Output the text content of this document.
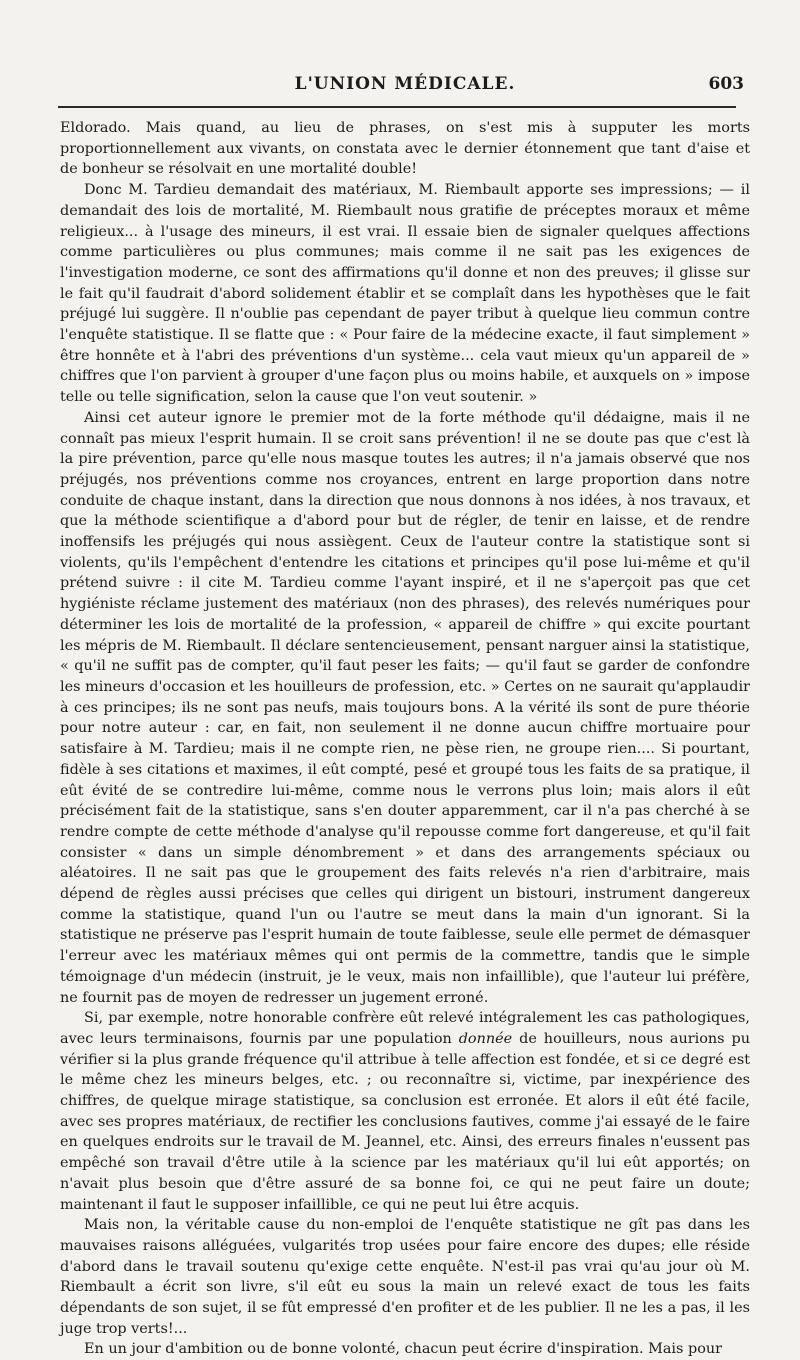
L'UNION MÉDICALE.	603

Eldorado. Mais quand, au lieu de phrases, on s'est mis à supputer les morts proportionnellement aux vivants, on constata avec le dernier étonnement que tant d'aise et de bonheur se résolvait en une mortalité double!

Donc M. Tardieu demandait des matériaux, M. Riembault apporte ses impressions; — il demandait des lois de mortalité, M. Riembault nous gratifie de préceptes moraux et même religieux... à l'usage des mineurs, il est vrai. Il essaie bien de signaler quelques affections comme particulières ou plus communes; mais comme il ne sait pas les exigences de l'investigation moderne, ce sont des affirmations qu'il donne et non des preuves; il glisse sur le fait qu'il faudrait d'abord solidement établir et se complaît dans les hypothèses que le fait préjugé lui suggère. Il n'oublie pas cependant de payer tribut à quelque lieu commun contre l'enquête statistique. Il se flatte que : « Pour faire de la médecine exacte, il faut simplement » être honnête et à l'abri des préventions d'un système... cela vaut mieux qu'un appareil de » chiffres que l'on parvient à grouper d'une façon plus ou moins habile, et auxquels on » impose telle ou telle signification, selon la cause que l'on veut soutenir. »

Ainsi cet auteur ignore le premier mot de la forte méthode qu'il dédaigne, mais il ne connaît pas mieux l'esprit humain. Il se croit sans prévention! il ne se doute pas que c'est là la pire prévention, parce qu'elle nous masque toutes les autres; il n'a jamais observé que nos préjugés, nos préventions comme nos croyances, entrent en large proportion dans notre conduite de chaque instant, dans la direction que nous donnons à nos idées, à nos travaux, et que la méthode scientifique a d'abord pour but de régler, de tenir en laisse, et de rendre inoffensifs les préjugés qui nous assiègent. Ceux de l'auteur contre la statistique sont si violents, qu'ils l'empêchent d'entendre les citations et principes qu'il pose lui-même et qu'il prétend suivre : il cite M. Tardieu comme l'ayant inspiré, et il ne s'aperçoit pas que cet hygiéniste réclame justement des matériaux (non des phrases), des relevés numériques pour déterminer les lois de mortalité de la profession, « appareil de chiffre » qui excite pourtant les mépris de M. Riembault. Il déclare sentencieusement, pensant narguer ainsi la statistique, « qu'il ne suffit pas de compter, qu'il faut peser les faits; — qu'il faut se garder de confondre les mineurs d'occasion et les houilleurs de profession, etc. » Certes on ne saurait qu'applaudir à ces principes; ils ne sont pas neufs, mais toujours bons. A la vérité ils sont de pure théorie pour notre auteur : car, en fait, non seulement il ne donne aucun chiffre mortuaire pour satisfaire à M. Tardieu; mais il ne compte rien, ne pèse rien, ne groupe rien.... Si pourtant, fidèle à ses citations et maximes, il eût compté, pesé et groupé tous les faits de sa pratique, il eût évité de se contredire lui-même, comme nous le verrons plus loin; mais alors il eût précisément fait de la statistique, sans s'en douter apparemment, car il n'a pas cherché à se rendre compte de cette méthode d'analyse qu'il repousse comme fort dangereuse, et qu'il fait consister « dans un simple dénombrement » et dans des arrangements spéciaux ou aléatoires. Il ne sait pas que le groupement des faits relevés n'a rien d'arbitraire, mais dépend de règles aussi précises que celles qui dirigent un bistouri, instrument dangereux comme la statistique, quand l'un ou l'autre se meut dans la main d'un ignorant. Si la statistique ne préserve pas l'esprit humain de toute faiblesse, seule elle permet de démasquer l'erreur avec les matériaux mêmes qui ont permis de la commettre, tandis que le simple témoignage d'un médecin (instruit, je le veux, mais non infaillible), que l'auteur lui préfère, ne fournit pas de moyen de redresser un jugement erroné.

Si, par exemple, notre honorable confrère eût relevé intégralement les cas pathologiques, avec leurs terminaisons, fournis par une population donnée de houilleurs, nous aurions pu vérifier si la plus grande fréquence qu'il attribue à telle affection est fondée, et si ce degré est le même chez les mineurs belges, etc. ; ou reconnaître si, victime, par inexpérience des chiffres, de quelque mirage statistique, sa conclusion est erronée. Et alors il eût été facile, avec ses propres matériaux, de rectifier les conclusions fautives, comme j'ai essayé de le faire en quelques endroits sur le travail de M. Jeannel, etc. Ainsi, des erreurs finales n'eussent pas empêché son travail d'être utile à la science par les matériaux qu'il lui eût apportés; on n'avait plus besoin que d'être assuré de sa bonne foi, ce qui ne peut faire un doute; maintenant il faut le supposer infaillible, ce qui ne peut lui être acquis.

Mais non, la véritable cause du non-emploi de l'enquête statistique ne gît pas dans les mauvaises raisons alléguées, vulgarités trop usées pour faire encore des dupes; elle réside d'abord dans le travail soutenu qu'exige cette enquête. N'est-il pas vrai qu'au jour où M. Riembault a écrit son livre, s'il eût eu sous la main un relevé exact de tous les faits dépendants de son sujet, il se fût empressé d'en profiter et de les publier. Il ne les a pas, il les juge trop verts!...

En un jour d'ambition ou de bonne volonté, chacun peut écrire d'inspiration. Mais pour
